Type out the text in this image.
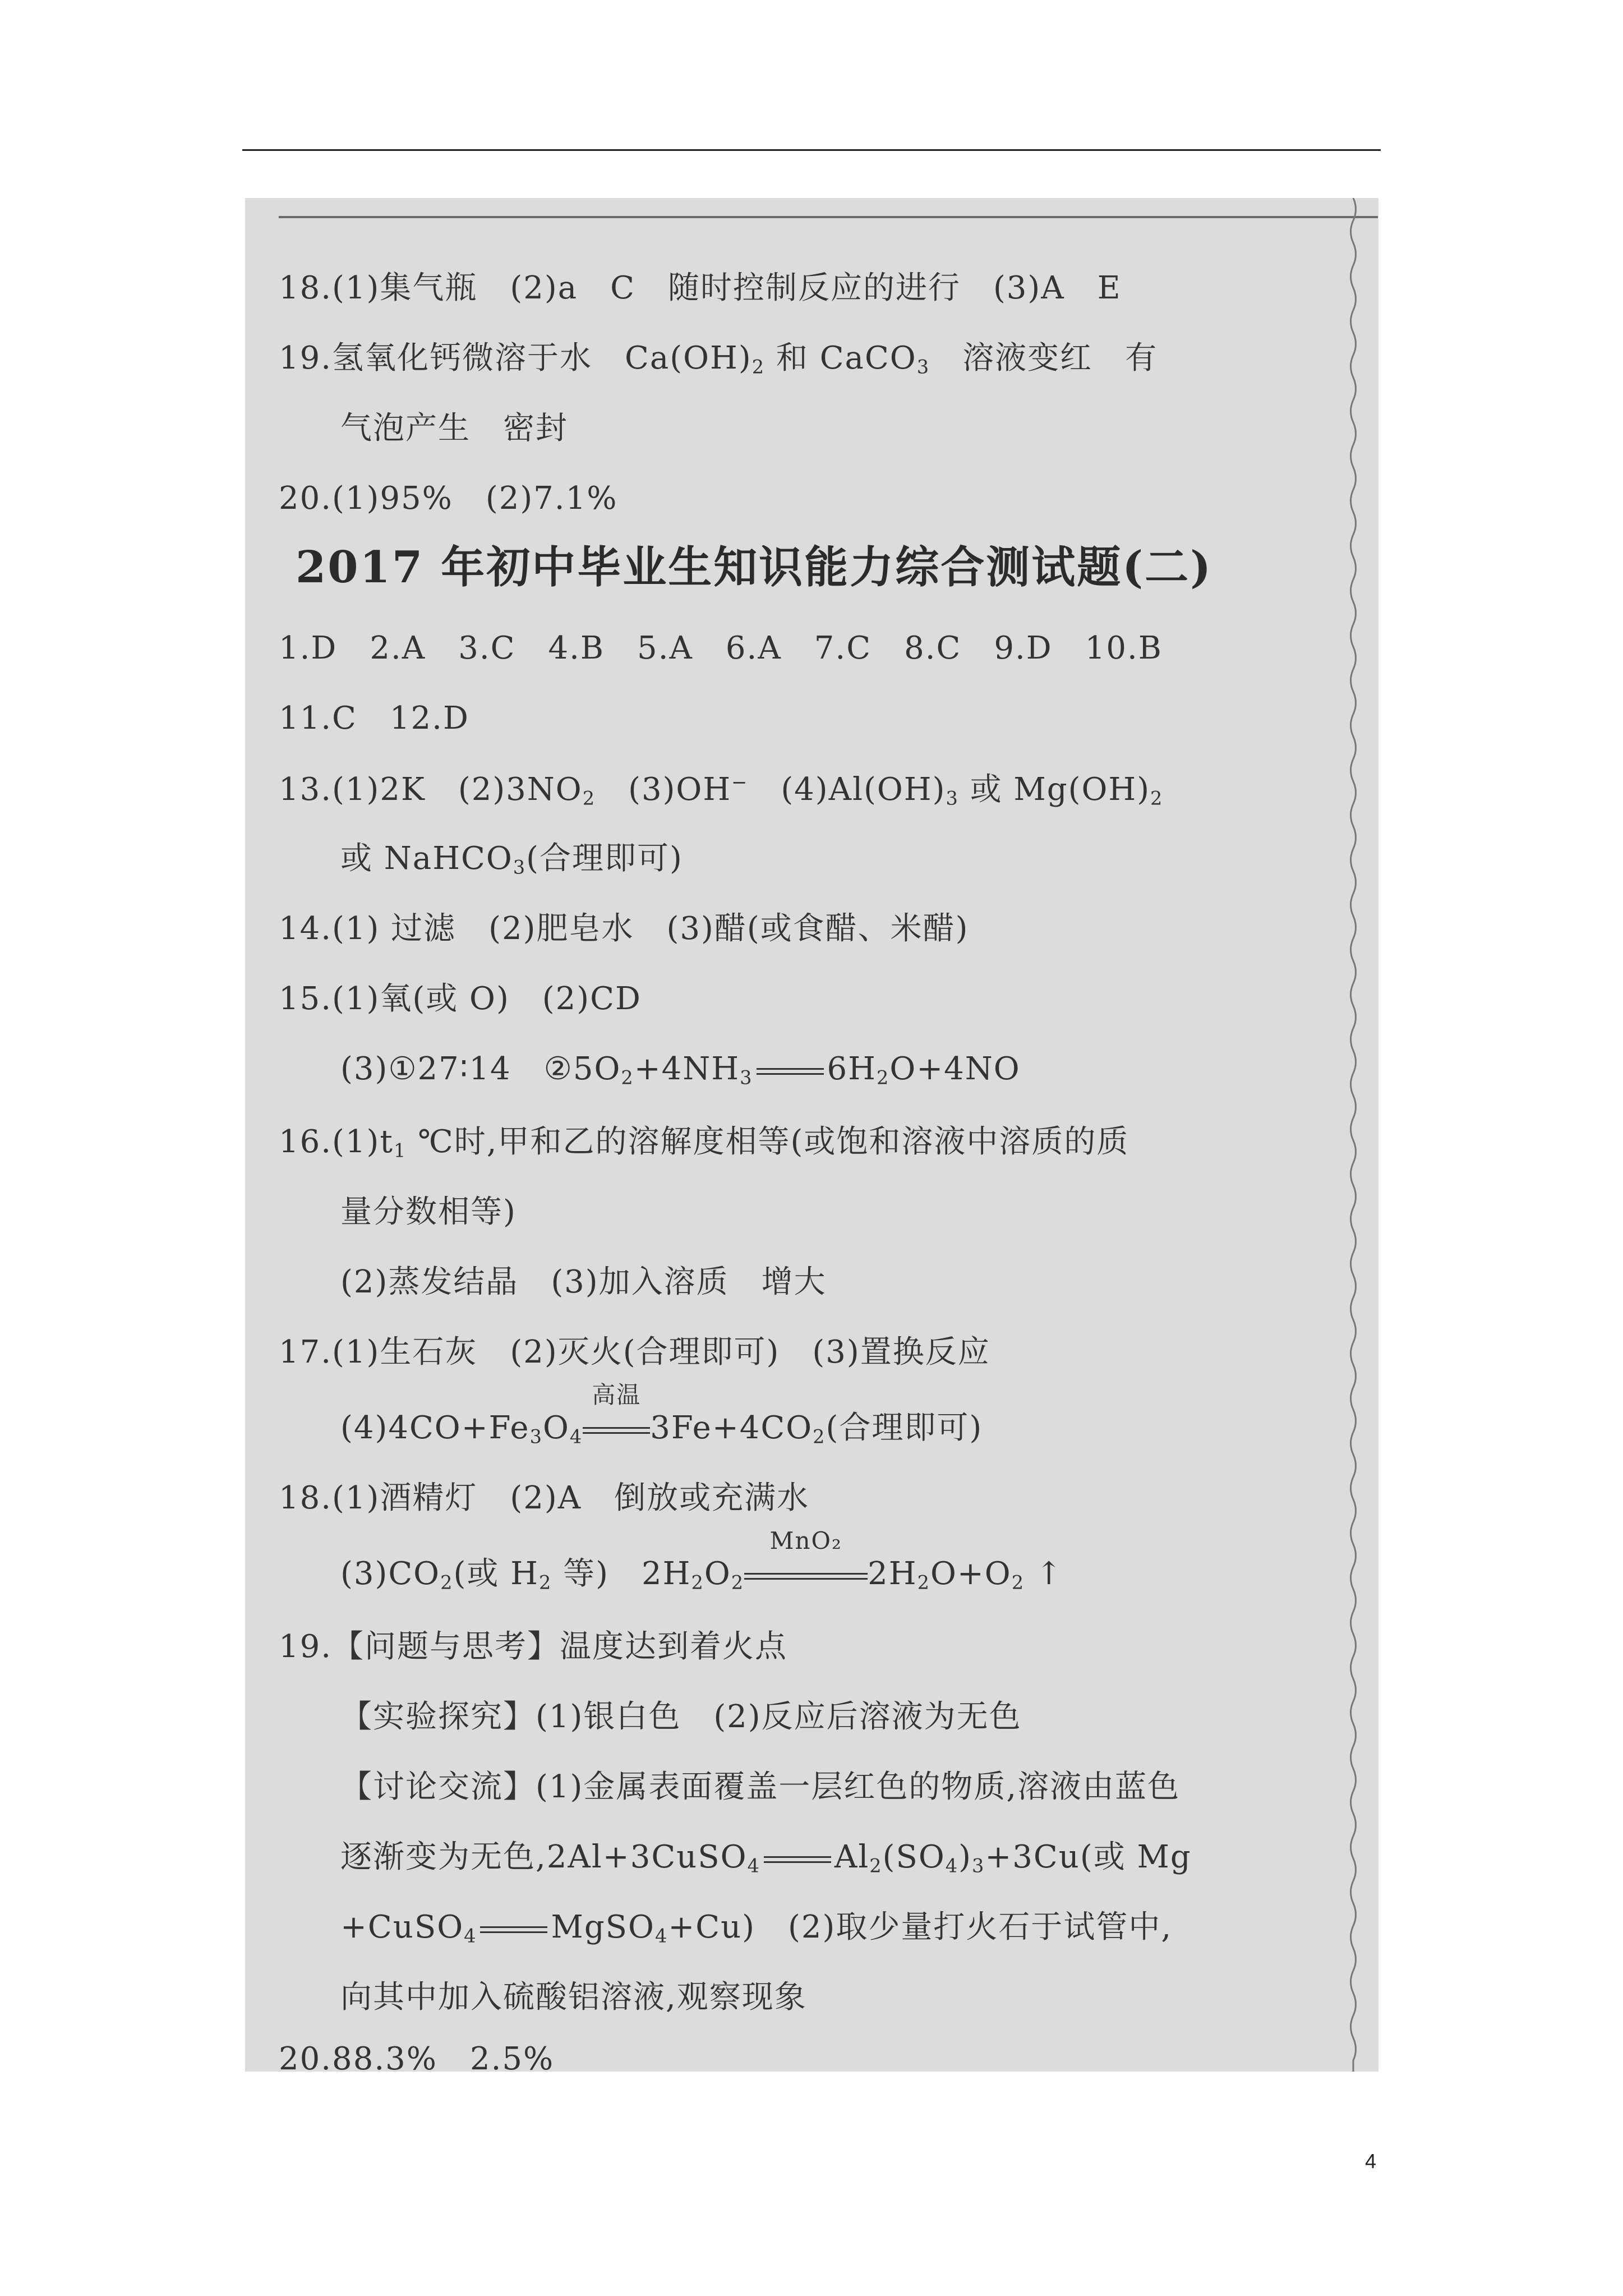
18.(1)集气瓶　(2)a　C　随时控制反应的进行　(3)A　E
19.氢氧化钙微溶于水　$Ca(OH)_2$ 和 CaCO$_3$　溶液变红　有
气泡产生　密封
20.(1)95%　(2)7.1%
2017 年初中毕业生知识能力综合测试题(二)
1.D　2.A　3.C　4.B　5.A　6.A　7.C　8.C　9.D　10.B
11.C　12.D
13.(1)2K　$(2)3NO_2$　(3)OH−　$(4)Al(OH)_3$ 或 $Mg(OH)_2$
或 NaHCO$_3$(合理即可)
14.(1) 过滤　(2)肥皂水　(3)醋(或食醋、米醋)
15.(1)氧(或 O)　(2)CD
(3)①27∶14　$②5O_2+4NH_3$ $6H_2O+4NO$
$16.(1)t_1$ ℃时,甲和乙的溶解度相等(或饱和溶液中溶质的质
量分数相等)
(2)蒸发结晶　(3)加入溶质　增大
17.(1)生石灰　(2)灭火(合理即可)　(3)置换反应
$(4)4CO+Fe_3O_4$
高温
$3Fe+4CO_2$(合理即可)
18.(1)酒精灯　(2)A　倒放或充满水
$(3)CO_2$(或 $H_2$ 等)　$2H_2O_2$
MnO₂
$2H_2O+O_2$ ↑
19.【问题与思考】温度达到着火点
【实验探究】(1)银白色　(2)反应后溶液为无色
【讨论交流】(1)金属表面覆盖一层红色的物质,溶液由蓝色
逐渐变为无色,2Al+3CuSO$_4$ $Al_2(SO_4)_3+3Cu$(或 Mg
+CuSO$_4$ MgSO$_4$+Cu)　(2)取少量打火石于试管中,
向其中加入硫酸铝溶液,观察现象
20.88.3%　2.5%
4
